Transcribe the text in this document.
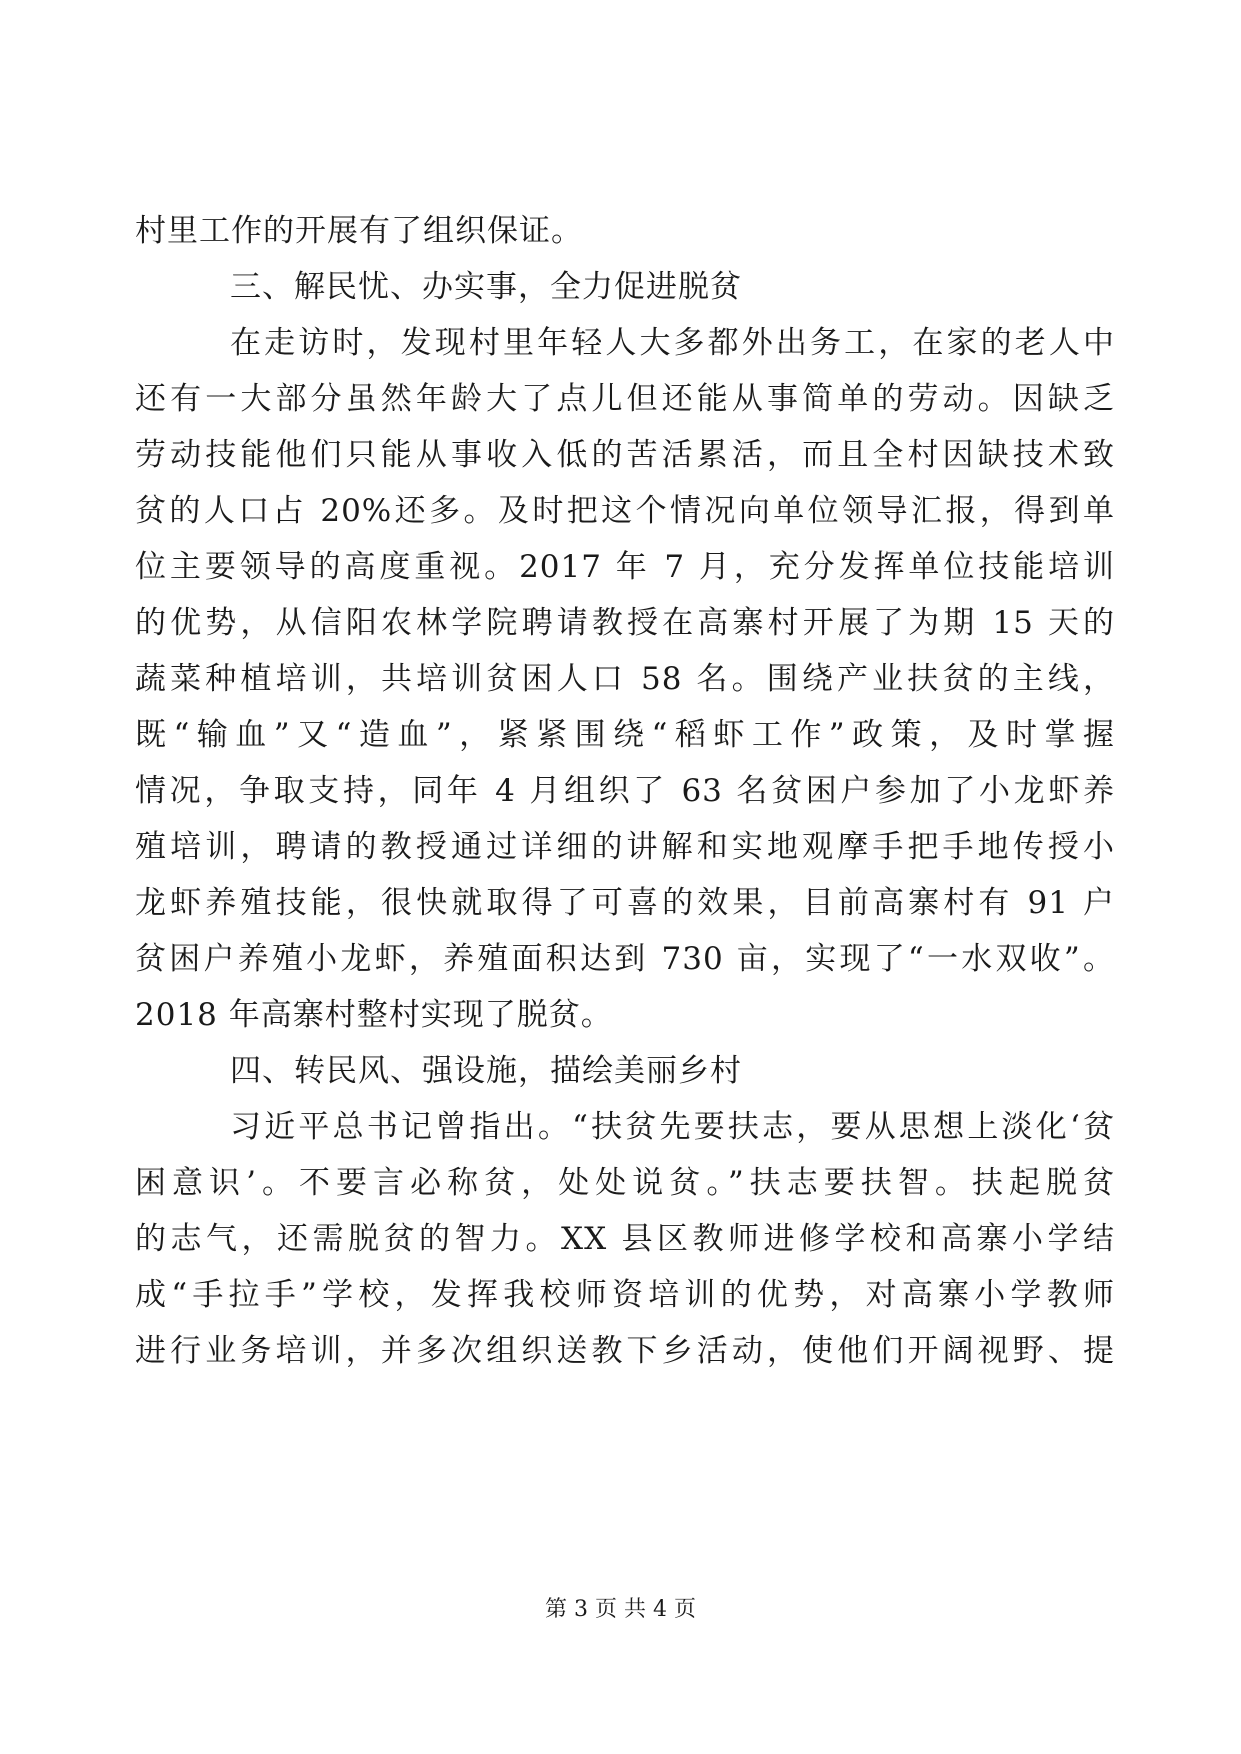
村里工作的开展有了组织保证。
三、解民忧、办实事，全力促进脱贫
在走访时，发现村里年轻人大多都外出务工，在家的老人中
还有一大部分虽然年龄大了点儿但还能从事简单的劳动。因缺乏
劳动技能他们只能从事收入低的苦活累活，而且全村因缺技术致
贫的人口占 20%还多。及时把这个情况向单位领导汇报，得到单
位主要领导的高度重视。2017 年 7 月，充分发挥单位技能培训
的优势，从信阳农林学院聘请教授在高寨村开展了为期 15 天的
蔬菜种植培训，共培训贫困人口 58 名。围绕产业扶贫的主线，
既“输血”又“造血”，紧紧围绕“稻虾工作”政策，及时掌握
情况，争取支持，同年 4 月组织了 63 名贫困户参加了小龙虾养
殖培训，聘请的教授通过详细的讲解和实地观摩手把手地传授小
龙虾养殖技能，很快就取得了可喜的效果，目前高寨村有 91 户
贫困户养殖小龙虾，养殖面积达到 730 亩，实现了“一水双收”。
2018 年高寨村整村实现了脱贫。
四、转民风、强设施，描绘美丽乡村
习近平总书记曾指出。“扶贫先要扶志，要从思想上淡化‘贫
困意识’。不要言必称贫，处处说贫。”扶志要扶智。扶起脱贫
的志气，还需脱贫的智力。XX 县区教师进修学校和高寨小学结
成“手拉手”学校，发挥我校师资培训的优势，对高寨小学教师
进行业务培训，并多次组织送教下乡活动，使他们开阔视野、提
第 3 页 共 4 页
